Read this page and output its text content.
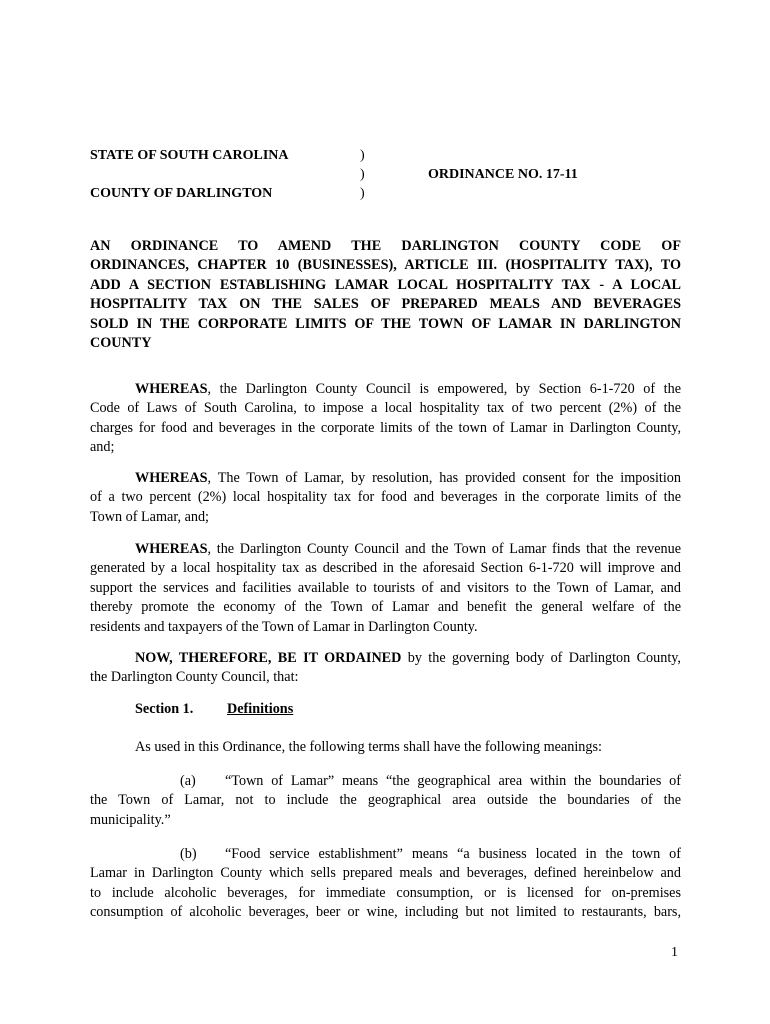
STATE OF SOUTH CAROLINA	)
)	ORDINANCE NO. 17-11
COUNTY OF DARLINGTON	)
AN ORDINANCE TO AMEND THE DARLINGTON COUNTY CODE OF
ORDINANCES, CHAPTER 10 (BUSINESSES), ARTICLE III. (HOSPITALITY TAX), TO
ADD A SECTION ESTABLISHING LAMAR LOCAL HOSPITALITY TAX - A LOCAL
HOSPITALITY TAX ON THE SALES OF PREPARED MEALS AND BEVERAGES
SOLD IN THE CORPORATE LIMITS OF THE TOWN OF LAMAR IN DARLINGTON
COUNTY
WHEREAS, the Darlington County Council is empowered, by Section 6-1-720 of the
Code of Laws of South Carolina, to impose a local hospitality tax of two percent (2%) of the
charges for food and beverages in the corporate limits of the town of Lamar in Darlington County,
and;
WHEREAS, The Town of Lamar, by resolution, has provided consent for the imposition
of a two percent (2%) local hospitality tax for food and beverages in the corporate limits of the
Town of Lamar, and;
WHEREAS, the Darlington County Council and the Town of Lamar finds that the revenue
generated by a local hospitality tax as described in the aforesaid Section 6-1-720 will improve and
support the services and facilities available to tourists of and visitors to the Town of Lamar, and
thereby promote the economy of the Town of Lamar and benefit the general welfare of the
residents and taxpayers of the Town of Lamar in Darlington County.
NOW, THEREFORE, BE IT ORDAINED by the governing body of Darlington County,
the Darlington County Council, that:
Section 1. Definitions
As used in this Ordinance, the following terms shall have the following meanings:
(a) “Town of Lamar” means “the geographical area within the boundaries of
the Town of Lamar, not to include the geographical area outside the boundaries of the
municipality.”
(b) “Food service establishment” means “a business located in the town of
Lamar in Darlington County which sells prepared meals and beverages, defined hereinbelow and
to include alcoholic beverages, for immediate consumption, or is licensed for on-premises
consumption of alcoholic beverages, beer or wine, including but not limited to restaurants, bars,
1
